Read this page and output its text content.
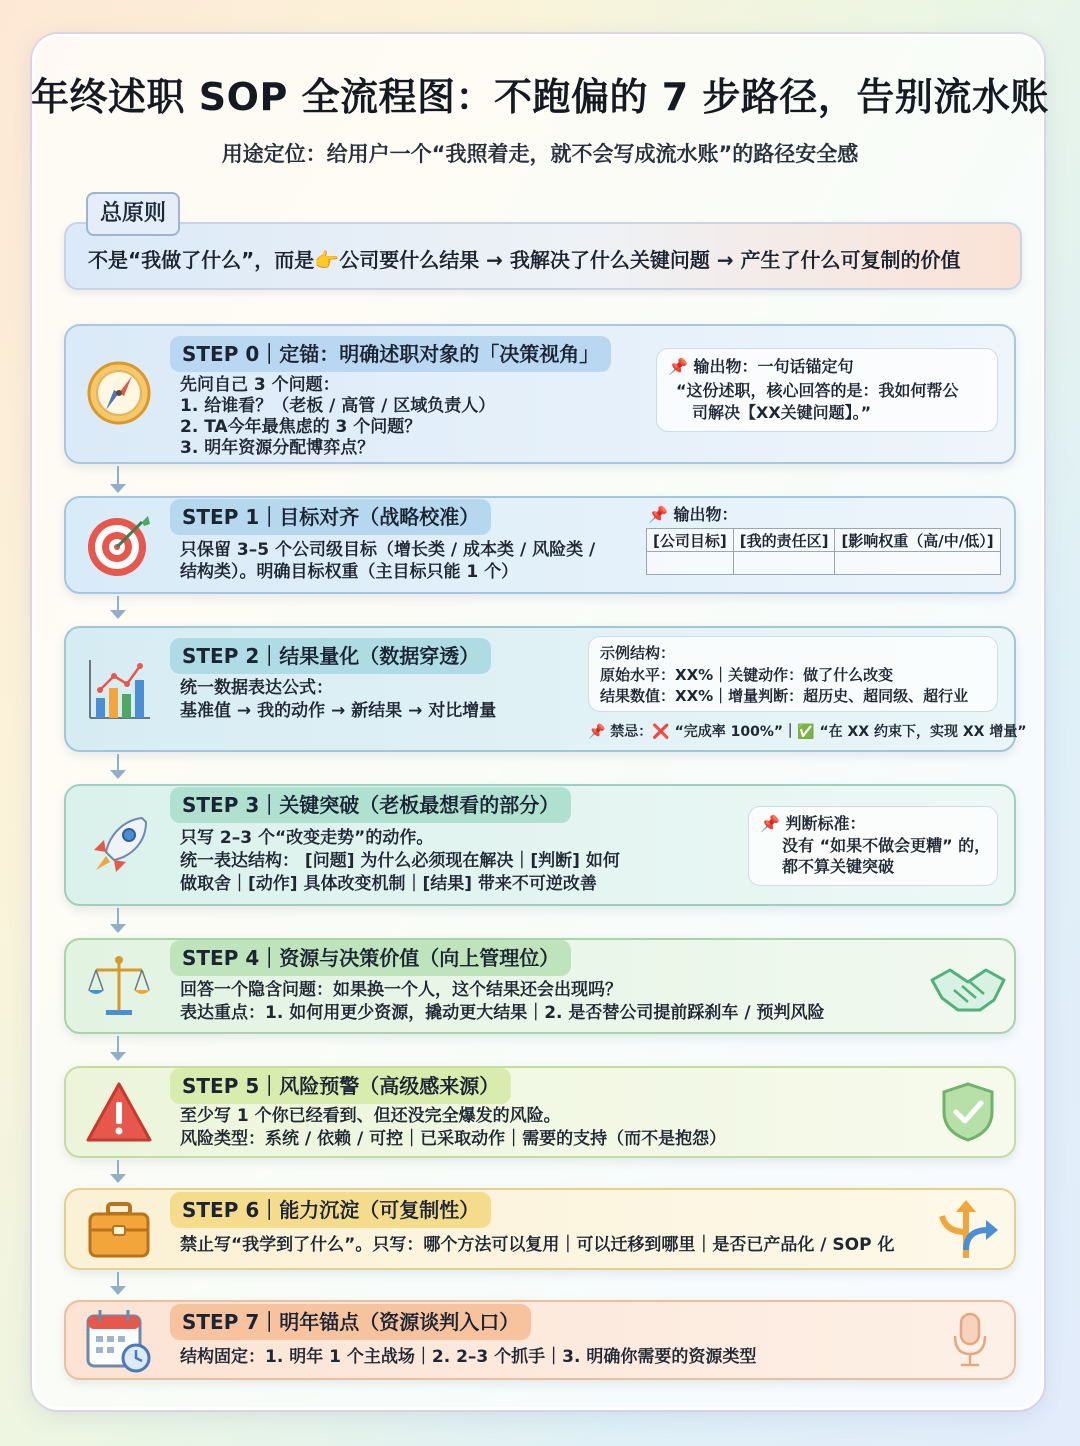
年终述职 SOP 全流程图：不跑偏的 7 步路径，告别流水账
用途定位：给用户一个“我照着走，就不会写成流水账”的路径安全感
不是“我做了什么”，而是👉公司要什么结果 → 我解决了什么关键问题 → 产生了什么可复制的价值
总原则
STEP 0｜定锚：明确述职对象的「决策视角」
先问自己 3 个问题：
1. 给谁看？（老板 / 高管 / 区域负责人）
2. TA今年最焦虑的 3 个问题？
3. 明年资源分配博弈点？
📌 输出物：一句话锚定句
“这份述职，核心回答的是：我如何帮公
司解决【XX关键问题】。”
STEP 1｜目标对齐（战略校准）
只保留 3–5 个公司级目标（增长类 / 成本类 / 风险类 /
结构类）。明确目标权重（主目标只能 1 个）
📌 输出物：
[公司目标]	[我的责任区]	[影响权重（高/中/低）]

STEP 2｜结果量化（数据穿透）
统一数据表达公式：
基准值 → 我的动作 → 新结果 → 对比增量
示例结构：
原始水平：XX%｜关键动作：做了什么改变
结果数值：XX%｜增量判断：超历史、超同级、超行业
📌 禁忌：❌ “完成率 100%”｜✅ “在 XX 约束下，实现 XX 增量”
STEP 3｜关键突破（老板最想看的部分）
只写 2–3 个“改变走势”的动作。
统一表达结构： [问题] 为什么必须现在解决｜[判断] 如何
做取舍｜[动作] 具体改变机制｜[结果] 带来不可逆改善
📌 判断标准：
没有 “如果不做会更糟” 的，
都不算关键突破
STEP 4｜资源与决策价值（向上管理位）
回答一个隐含问题：如果换一个人，这个结果还会出现吗？
表达重点：1. 如何用更少资源，撬动更大结果｜2. 是否替公司提前踩刹车 / 预判风险
STEP 5｜风险预警（高级感来源）
至少写 1 个你已经看到、但还没完全爆发的风险。
风险类型：系统 / 依赖 / 可控｜已采取动作｜需要的支持（而不是抱怨）
STEP 6｜能力沉淀（可复制性）
禁止写“我学到了什么”。只写：哪个方法可以复用｜可以迁移到哪里｜是否已产品化 / SOP 化
STEP 7｜明年锚点（资源谈判入口）
结构固定：1. 明年 1 个主战场｜2. 2–3 个抓手｜3. 明确你需要的资源类型
